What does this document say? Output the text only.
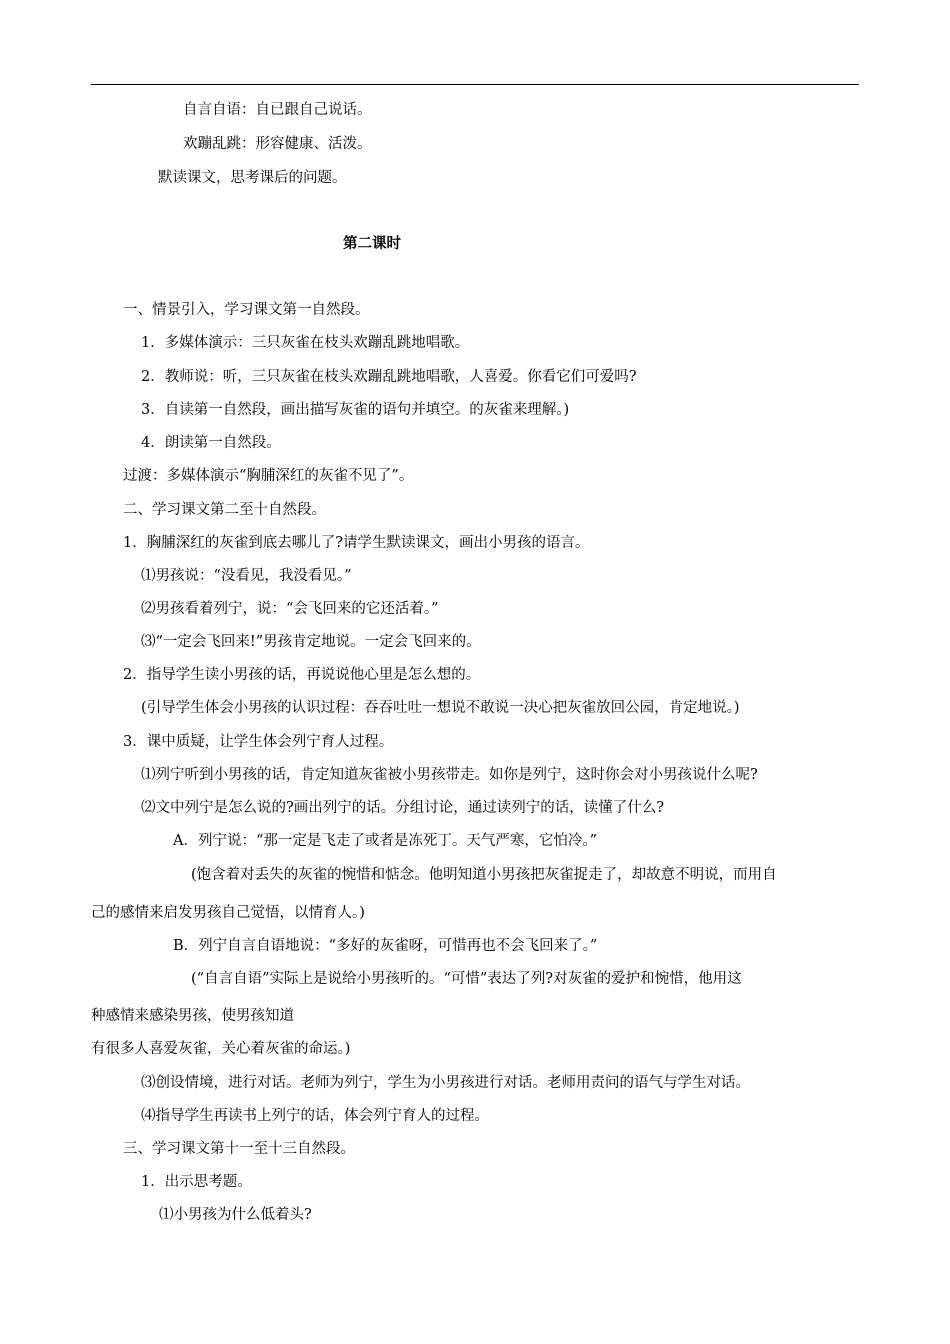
自言自语：自已跟自己说话。
欢蹦乱跳：形容健康、活泼。
默读课文，思考课后的问题。
第二课时
一、情景引入，学习课文第一自然段。
1．多媒体演示：三只灰雀在枝头欢蹦乱跳地唱歌。
2．教师说：听，三只灰雀在枝头欢蹦乱跳地唱歌，人喜爱。你看它们可爱吗?
3．自读第一自然段，画出描写灰雀的语句并填空。的灰雀来理解。)
4．朗读第一自然段。
过渡：多媒体演示“胸脯深红的灰雀不见了”。
二、学习课文第二至十自然段。
1．胸脯深红的灰雀到底去哪儿了?请学生默读课文，画出小男孩的语言。
⑴男孩说：“没看见，我没看见。”
⑵男孩看着列宁，说：“会飞回来的它还活着。”
⑶“一定会飞回来!”男孩肯定地说。一定会飞回来的。
2．指导学生读小男孩的话，再说说他心里是怎么想的。
(引导学生体会小男孩的认识过程：吞吞吐吐一想说不敢说一决心把灰雀放回公园，肯定地说。)
3．课中质疑，让学生体会列宁育人过程。
⑴列宁听到小男孩的话，肯定知道灰雀被小男孩带走。如你是列宁，这时你会对小男孩说什么呢?
⑵文中列宁是怎么说的?画出列宁的话。分组讨论，通过读列宁的话，读懂了什么?
A．列宁说：“那一定是飞走了或者是冻死丁。天气严寒，它怕冷。”
(饱含着对丢失的灰雀的惋惜和惦念。他明知道小男孩把灰雀捉走了，却故意不明说，而用自
己的感情来启发男孩自己觉悟，以情育人。)
B．列宁自言自语地说：“多好的灰雀呀，可惜再也不会飞回来了。”
(“自言自语”实际上是说给小男孩听的。“可惜”表达了列?对灰雀的爱护和惋惜，他用这
种感情来感染男孩，使男孩知道
有很多人喜爱灰雀，关心着灰雀的命运。)
⑶创设情境，进行对话。老师为列宁，学生为小男孩进行对话。老师用责问的语气与学生对话。
⑷指导学生再读书上列宁的话，体会列宁育人的过程。
三、学习课文第十一至十三自然段。
1．出示思考题。
⑴小男孩为什么低着头?
